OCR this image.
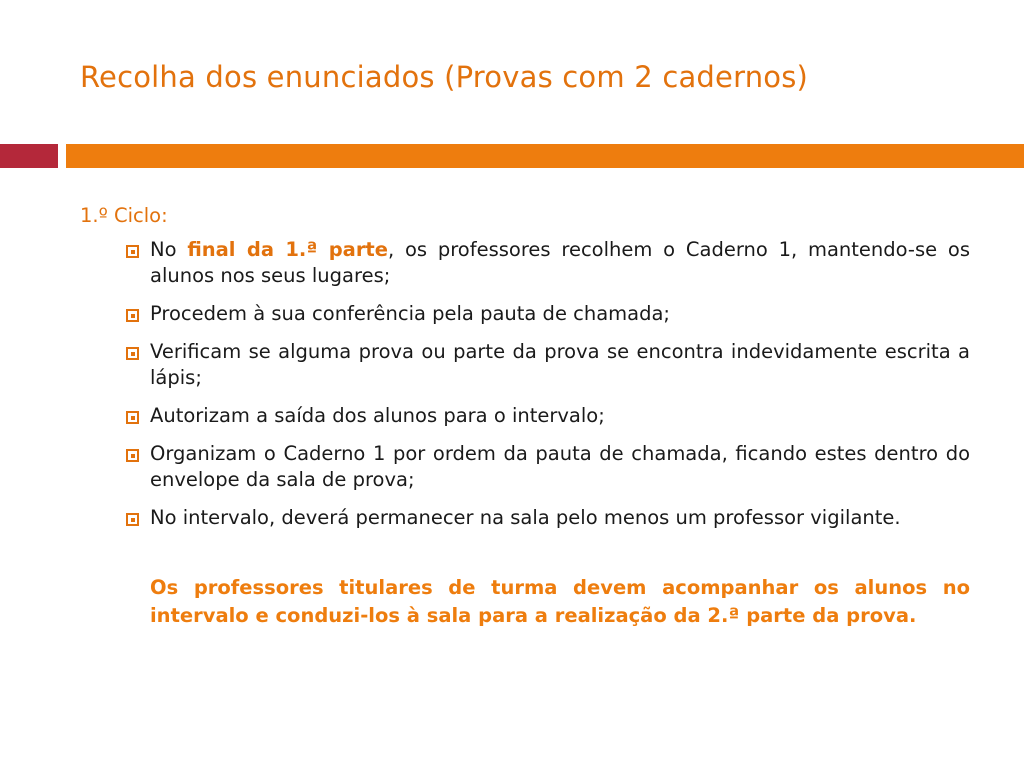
Recolha dos enunciados (Provas com 2 cadernos)
1.º Ciclo:
No final da 1.ª parte, os professores recolhem o Caderno 1, mantendo-se os alunos nos seus lugares;
Procedem à sua conferência pela pauta de chamada;
Verificam se alguma prova ou parte da prova se encontra indevidamente escrita a lápis;
Autorizam a saída dos alunos para o intervalo;
Organizam o Caderno 1 por ordem da pauta de chamada, ficando estes dentro do envelope da sala de prova;
No intervalo, deverá permanecer na sala pelo menos um professor vigilante.

Os professores titulares de turma devem acompanhar os alunos no intervalo e conduzi-los à sala para a realização da 2.ª parte da prova.
